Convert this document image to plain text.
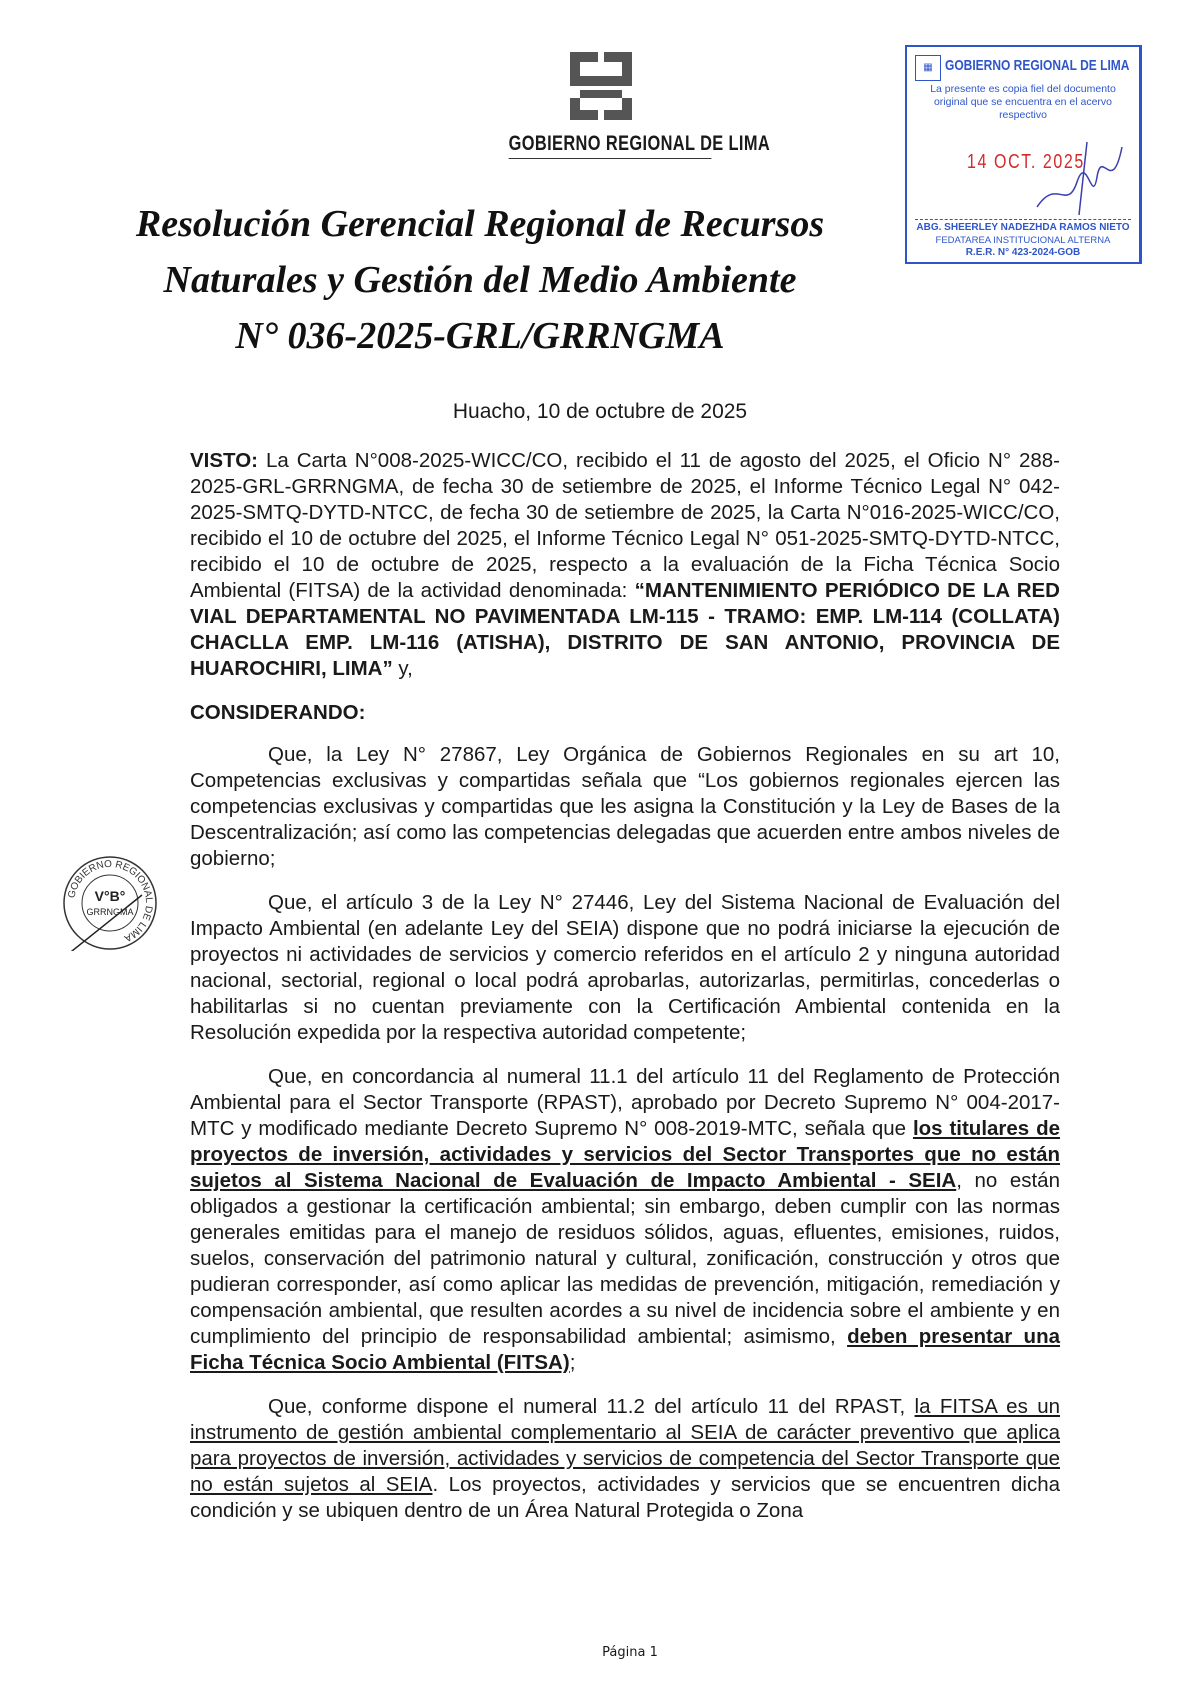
GOBIERNO REGIONAL DE LIMA
Resolución Gerencial Regional de Recursos
Naturales y Gestión del Medio Ambiente
N° 036-2025-GRL/GRRNGMA
Huacho, 10 de octubre de 2025

VISTO: La Carta N°008-2025-WICC/CO, recibido el 11 de agosto del 2025, el Oficio N° 288-2025-GRL-GRRNGMA, de fecha 30 de setiembre de 2025, el Informe Técnico Legal N° 042-2025-SMTQ-DYTD-NTCC, de fecha 30 de setiembre de 2025, la Carta N°016-2025-WICC/CO, recibido el 10 de octubre del 2025, el Informe Técnico Legal N° 051-2025-SMTQ-DYTD-NTCC, recibido el 10 de octubre de 2025, respecto a la evaluación de la Ficha Técnica Socio Ambiental (FITSA) de la actividad denominada: “MANTENIMIENTO PERIÓDICO DE LA RED VIAL DEPARTAMENTAL NO PAVIMENTADA LM-115 - TRAMO: EMP. LM-114 (COLLATA) CHACLLA EMP. LM-116 (ATISHA), DISTRITO DE SAN ANTONIO, PROVINCIA DE HUAROCHIRI, LIMA” y,

CONSIDERANDO:

Que, la Ley N° 27867, Ley Orgánica de Gobiernos Regionales en su art 10, Competencias exclusivas y compartidas señala que “Los gobiernos regionales ejercen las competencias exclusivas y compartidas que les asigna la Constitución y la Ley de Bases de la Descentralización; así como las competencias delegadas que acuerden entre ambos niveles de gobierno;

Que, el artículo 3 de la Ley N° 27446, Ley del Sistema Nacional de Evaluación del Impacto Ambiental (en adelante Ley del SEIA) dispone que no podrá iniciarse la ejecución de proyectos ni actividades de servicios y comercio referidos en el artículo 2 y ninguna autoridad nacional, sectorial, regional o local podrá aprobarlas, autorizarlas, permitirlas, concederlas o habilitarlas si no cuentan previamente con la Certificación Ambiental contenida en la Resolución expedida por la respectiva autoridad competente;

Que, en concordancia al numeral 11.1 del artículo 11 del Reglamento de Protección Ambiental para el Sector Transporte (RPAST), aprobado por Decreto Supremo N° 004-2017-MTC y modificado mediante Decreto Supremo N° 008-2019-MTC, señala que los titulares de proyectos de inversión, actividades y servicios del Sector Transportes que no están sujetos al Sistema Nacional de Evaluación de Impacto Ambiental - SEIA, no están obligados a gestionar la certificación ambiental; sin embargo, deben cumplir con las normas generales emitidas para el manejo de residuos sólidos, aguas, efluentes, emisiones, ruidos, suelos, conservación del patrimonio natural y cultural, zonificación, construcción y otros que pudieran corresponder, así como aplicar las medidas de prevención, mitigación, remediación y compensación ambiental, que resulten acordes a su nivel de incidencia sobre el ambiente y en cumplimiento del principio de responsabilidad ambiental; asimismo, deben presentar una Ficha Técnica Socio Ambiental (FITSA);

Que, conforme dispone el numeral 11.2 del artículo 11 del RPAST, la FITSA es un instrumento de gestión ambiental complementario al SEIA de carácter preventivo que aplica para proyectos de inversión, actividades y servicios de competencia del Sector Transporte que no están sujetos al SEIA. Los proyectos, actividades y servicios que se encuentren dicha condición y se ubiquen dentro de un Área Natural Protegida o Zona

Página 1
▦ GOBIERNO REGIONAL DE LIMA
La presente es copia fiel del documento original que se encuentra en el acervo respectivo
14 OCT. 2025
ABG. SHEERLEY NADEZHDA RAMOS NIETO
FEDATAREA INSTITUCIONAL ALTERNA
R.E.R. N° 423-2024-GOB
GOBIERNO REGIONAL DE LIMA
V°B°
GRRNGMA
